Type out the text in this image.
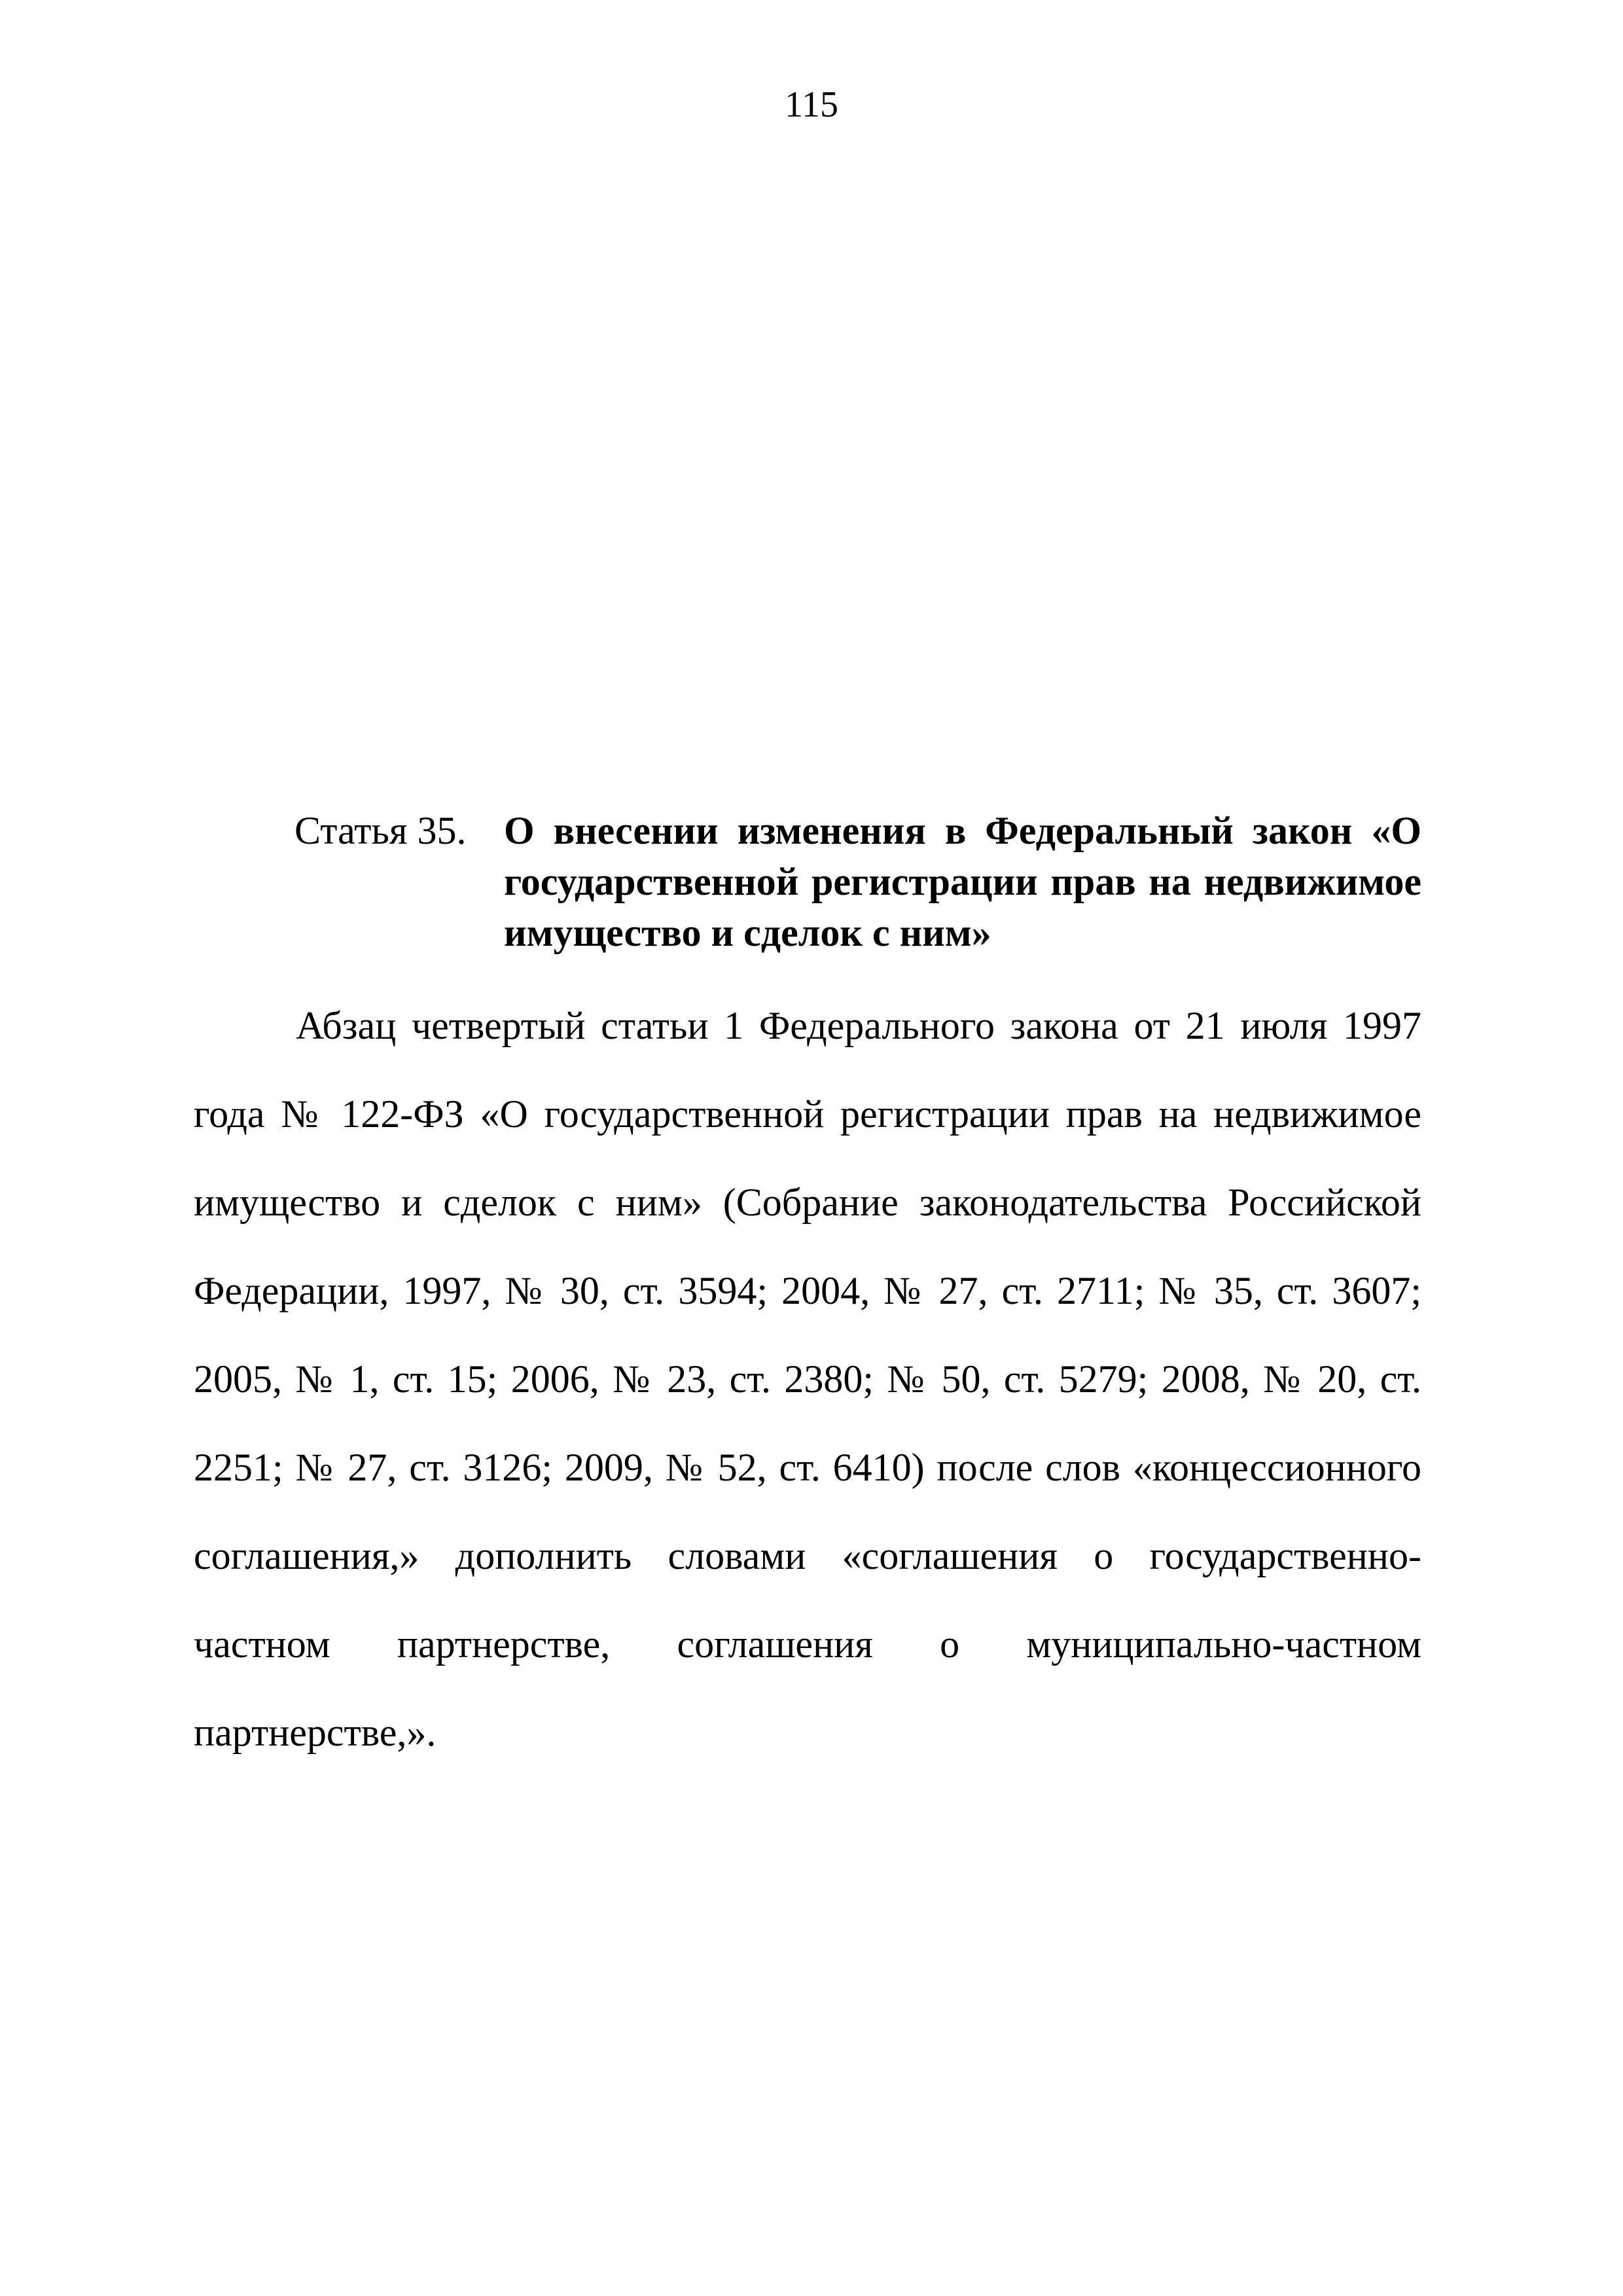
115
Статья 35. О внесении изменения в Федеральный закон «О государственной регистрации прав на недвижимое имущество и сделок с ним»

Абзац четвертый статьи 1 Федерального закона от 21 июля 1997 года № 122-ФЗ «О государственной регистрации прав на недвижимое имущество и сделок с ним» (Собрание законодательства Российской Федерации, 1997, № 30, ст. 3594; 2004, № 27, ст. 2711; № 35, ст. 3607; 2005, № 1, ст. 15; 2006, № 23, ст. 2380; № 50, ст. 5279; 2008, № 20, ст. 2251; № 27, ст. 3126; 2009, № 52, ст. 6410) после слов «концессионного соглашения,» дополнить словами «соглашения о государственно-частном партнерстве, соглашения о муниципально-частном партнерстве,».
